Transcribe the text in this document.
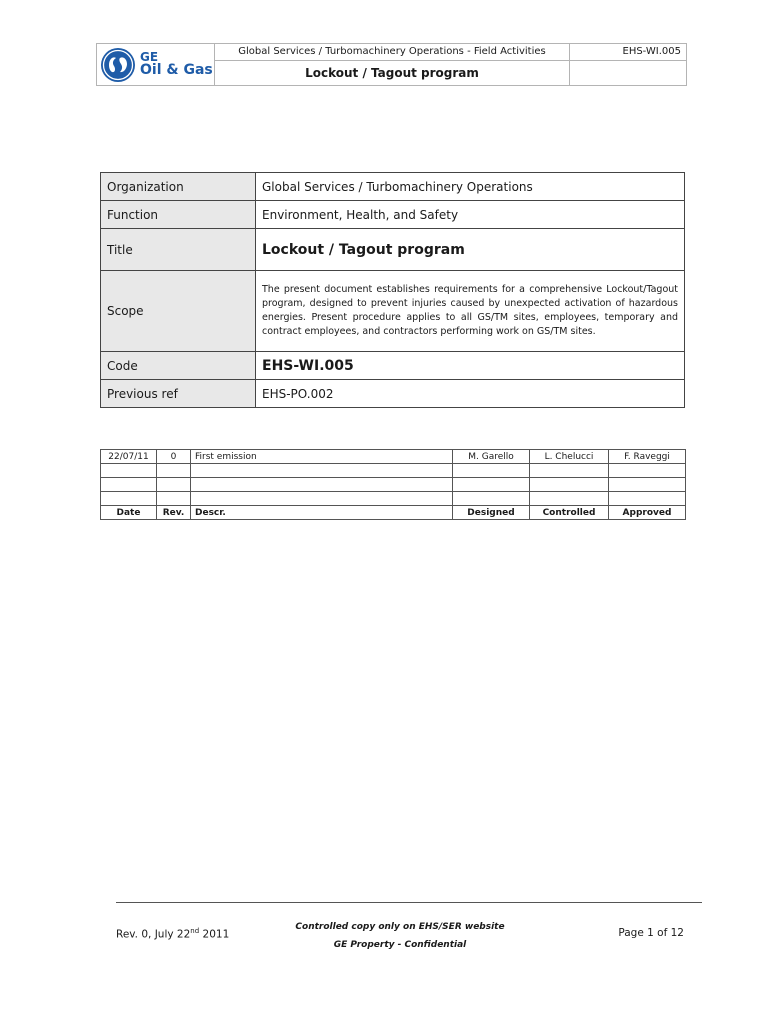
GE
Oil & Gas
Global Services / Turbomachinery Operations - Field Activities
Lockout / Tagout program
EHS-WI.005
Organization	Global Services / Turbomachinery Operations
Function	Environment, Health, and Safety
Title	Lockout / Tagout program
Scope	The present document establishes requirements for a comprehensive Lockout/Tagout program, designed to prevent injuries caused by unexpected activation of hazardous energies. Present procedure applies to all GS/TM sites, employees, temporary and contract employees, and contractors performing work on GS/TM sites.
Code	EHS-WI.005
Previous ref	EHS-PO.002
22/07/11	0	First emission	M. Garello	L. Chelucci	F. Raveggi

Date	Rev.	Descr.	Designed	Controlled	Approved
Rev. 0, July 22nd 2011
Controlled copy only on EHS/SER website
GE Property - Confidential
Page 1 of 12
